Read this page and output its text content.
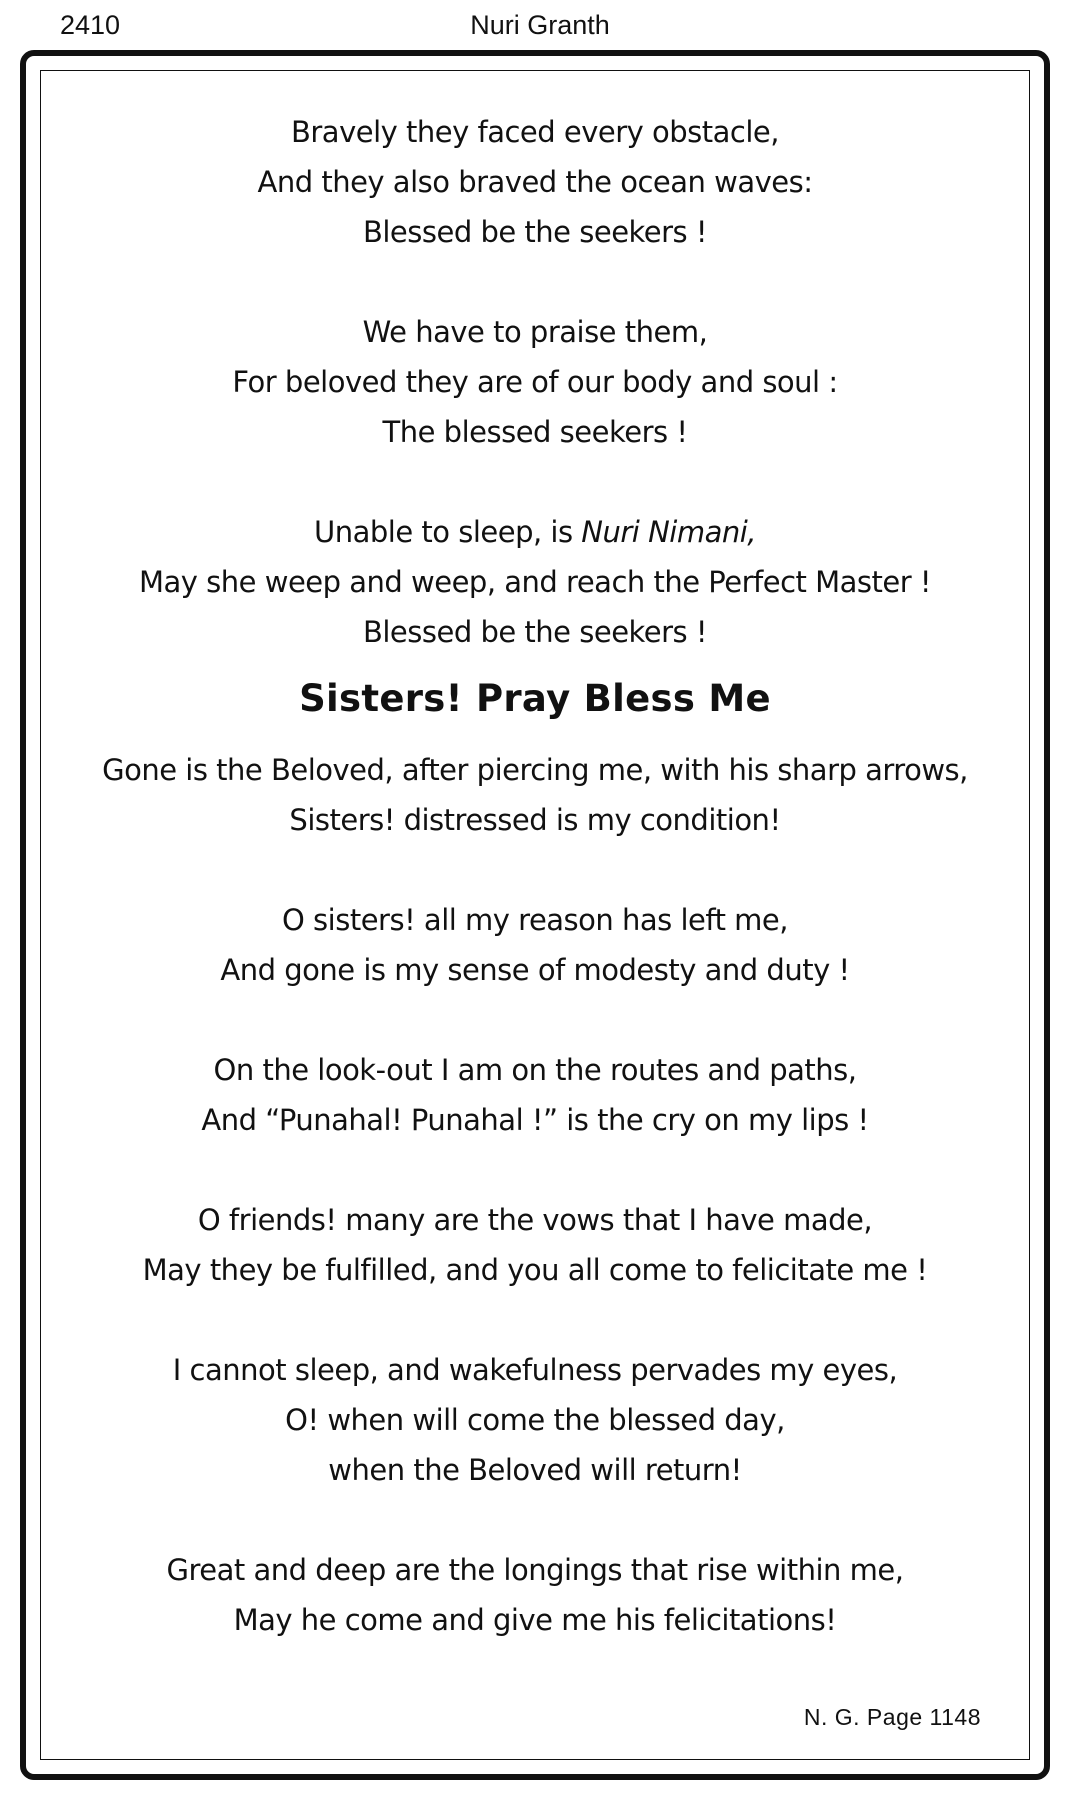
2410	Nuri Granth
Bravely they faced every obstacle,
And they also braved the ocean waves:
Blessed be the seekers !
We have to praise them,
For beloved they are of our body and soul :
The blessed seekers !
Unable to sleep, is Nuri Nimani,
May she weep and weep, and reach the Perfect Master !
Blessed be the seekers !
Sisters! Pray Bless Me
Gone is the Beloved, after piercing me, with his sharp arrows,
Sisters! distressed is my condition!
O sisters! all my reason has left me,
And gone is my sense of modesty and duty !
On the look-out I am on the routes and paths,
And “Punahal! Punahal !” is the cry on my lips !
O friends! many are the vows that I have made,
May they be fulfilled, and you all come to felicitate me !
I cannot sleep, and wakefulness pervades my eyes,
O! when will come the blessed day,
when the Beloved will return!
Great and deep are the longings that rise within me,
May he come and give me his felicitations!
N. G. Page 1148
